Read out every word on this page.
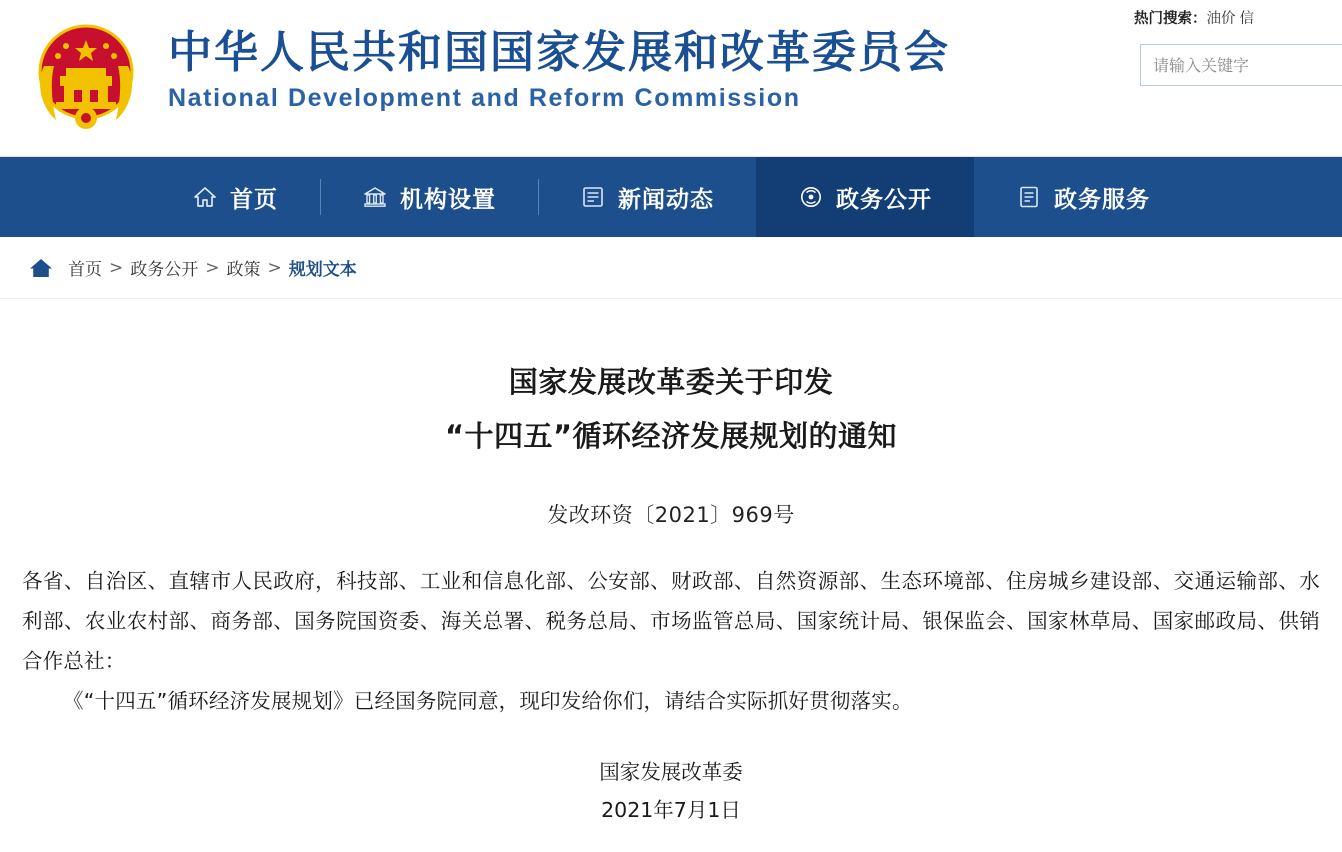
中华人民共和国国家发展和改革委员会
National Development and Reform Commission
热门搜索：油价 信
请输入关键字
首页	机构设置	新闻动态	政务公开	政务服务
首页 > 政务公开 > 政策 > 规划文本
国家发展改革委关于印发
“十四五”循环经济发展规划的通知
发改环资〔2021〕969号

各省、自治区、直辖市人民政府，科技部、工业和信息化部、公安部、财政部、自然资源部、生态环境部、住房城乡建设部、交通运输部、水利部、农业农村部、商务部、国务院国资委、海关总署、税务总局、市场监管总局、国家统计局、银保监会、国家林草局、国家邮政局、供销合作总社：

《“十四五”循环经济发展规划》已经国务院同意，现印发给你们，请结合实际抓好贯彻落实。

国家发展改革委
2021年7月1日
